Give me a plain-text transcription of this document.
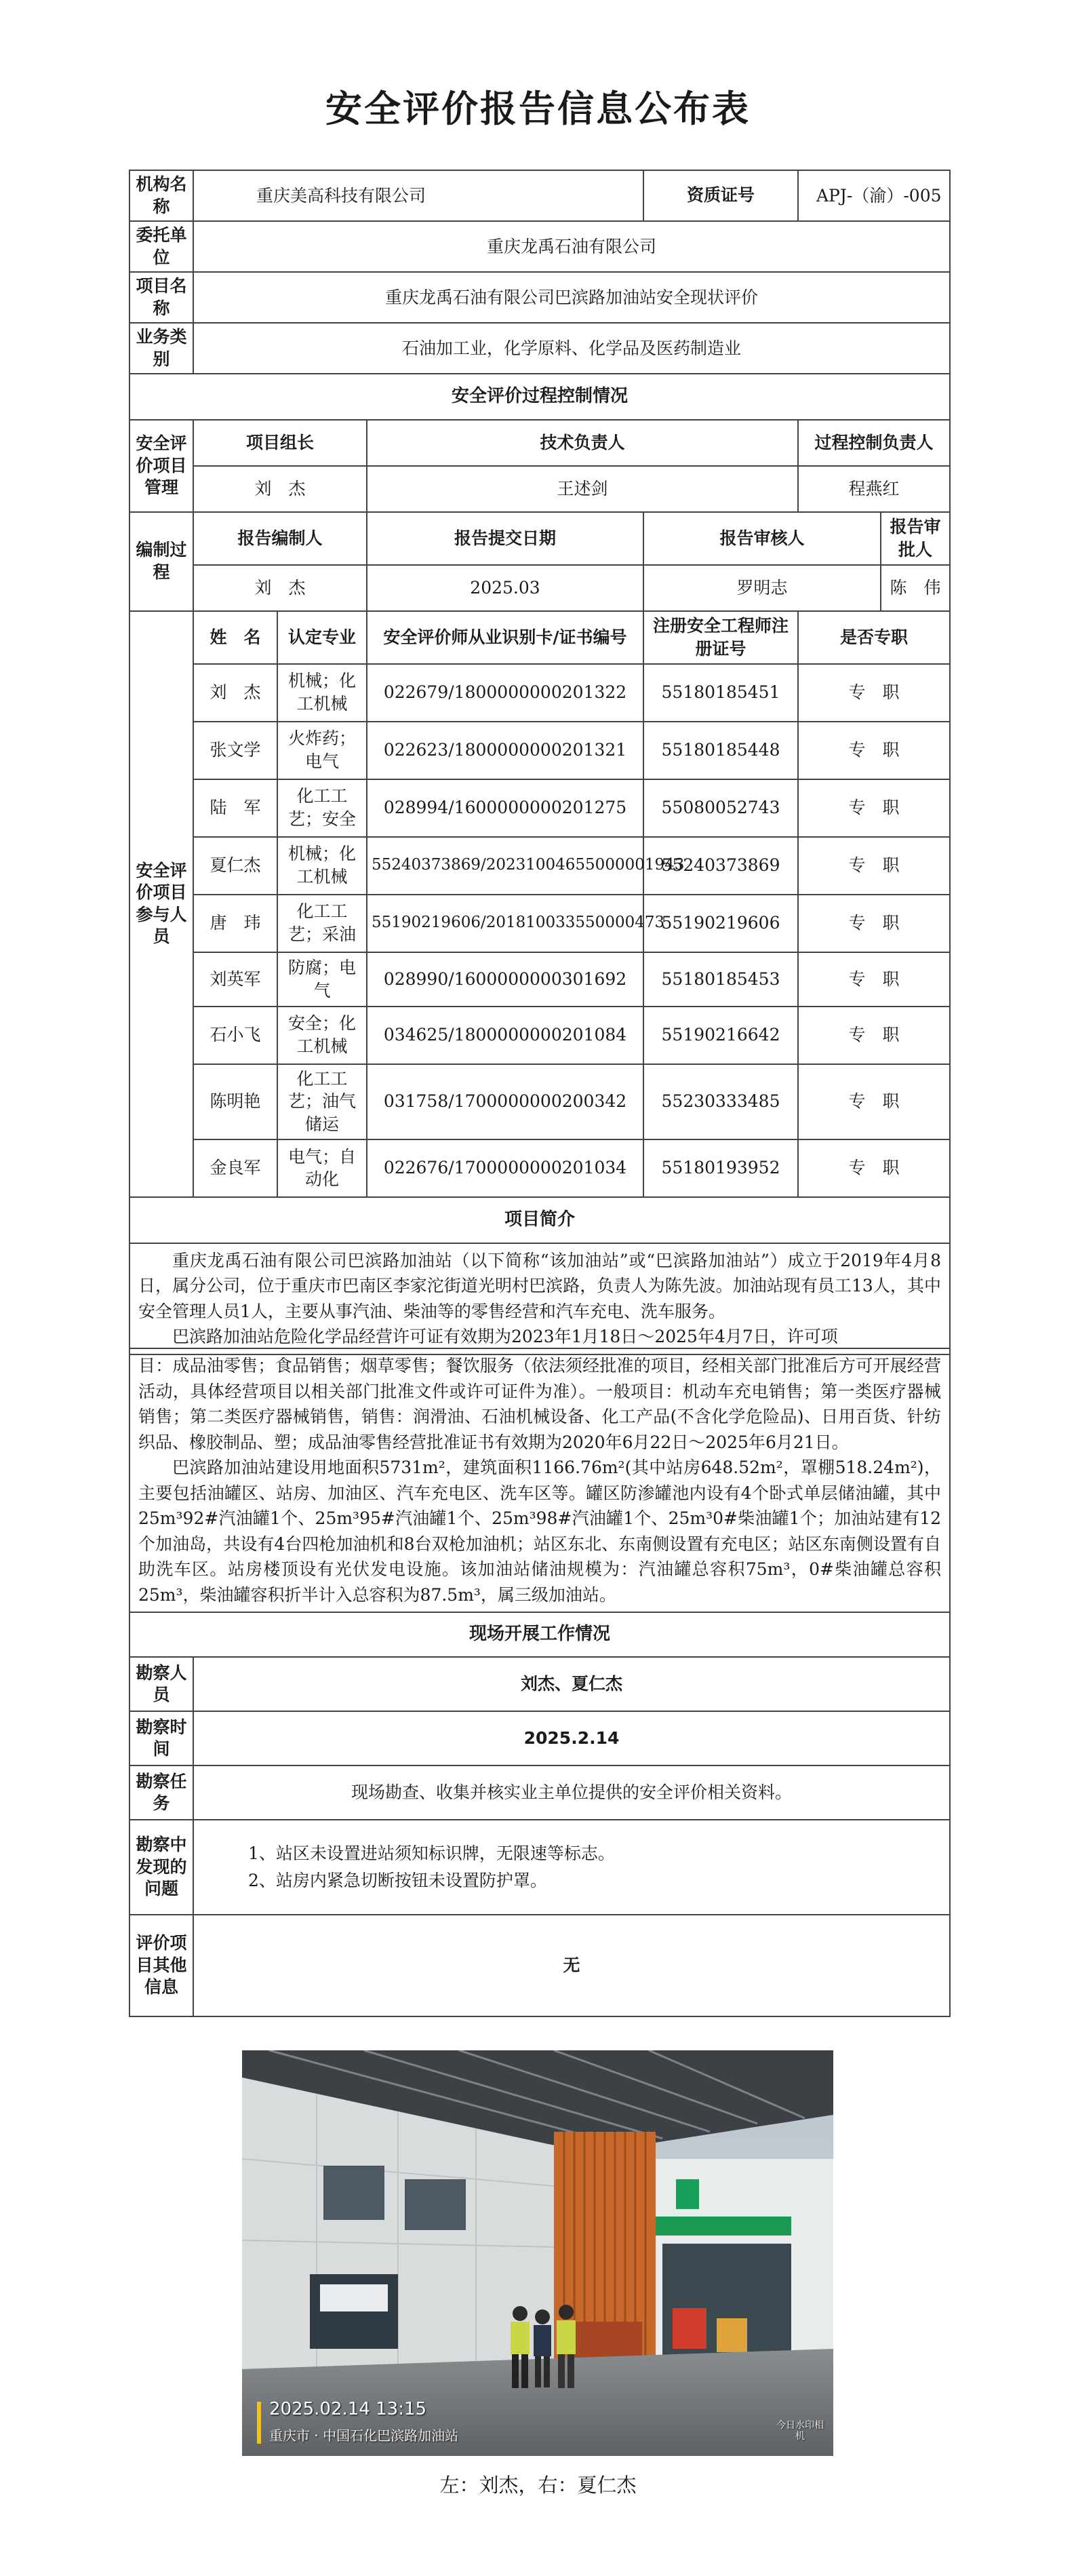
安全评价报告信息公布表
机构名称	重庆美高科技有限公司			资质证号	APJ-（渝）-005	
委托单位	重庆龙禹石油有限公司					
项目名称	重庆龙禹石油有限公司巴滨路加油站安全现状评价					
业务类别	石油加工业，化学原料、化学品及医药制造业					
安全评价过程控制情况						
安全评价项目管理	项目组长		技术负责人		过程控制负责人	
	刘　杰		王述剑		程燕红	
编制过程	报告编制人		报告提交日期	报告审核人		报告审批人
	刘　杰		2025.03	罗明志		陈　伟
安全评价项目参与人员	姓　名	认定专业	安全评价师从业识别卡/证书编号	注册安全工程师注册证号	是否专职	
	刘　杰	机械；化工机械	022679/1800000000201322	55180185451	专　职	
	张文学	火炸药；电气	022623/1800000000201321	55180185448	专　职	
	陆　军	化工工艺；安全	028994/1600000000201275	55080052743	专　职	
	夏仁杰	机械；化工机械	55240373869/20231004655000001943	55240373869	专　职	
	唐　玮	化工工艺；采油	55190219606/201810033550000473	55190219606	专　职	
	刘英军	防腐；电气	028990/1600000000301692	55180185453	专　职	
	石小飞	安全；化工机械	034625/1800000000201084	55190216642	专　职	
	陈明艳	化工工艺；油气储运	031758/1700000000200342	55230333485	专　职	
	金良军	电气；自动化	022676/1700000000201034	55180193952	专　职	
项目简介						

重庆龙禹石油有限公司巴滨路加油站（以下简称“该加油站”或“巴滨路加油站”）成立于2019年4月8日，属分公司，位于重庆市巴南区李家沱街道光明村巴滨路，负责人为陈先波。加油站现有员工13人，其中安全管理人员1人，主要从事汽油、柴油等的零售经营和汽车充电、洗车服务。

巴滨路加油站危险化学品经营许可证有效期为2023年1月18日～2025年4月7日，许可项						

目：成品油零售；食品销售；烟草零售；餐饮服务（依法须经批准的项目，经相关部门批准后方可开展经营活动，具体经营项目以相关部门批准文件或许可证件为准）。一般项目：机动车充电销售；第一类医疗器械销售；第二类医疗器械销售，销售：润滑油、石油机械设备、化工产品(不含化学危险品)、日用百货、针纺织品、橡胶制品、塑；成品油零售经营批准证书有效期为2020年6月22日～2025年6月21日。

巴滨路加油站建设用地面积5731m²，建筑面积1166.76m²(其中站房648.52m²，罩棚518.24m²)，主要包括油罐区、站房、加油区、汽车充电区、洗车区等。罐区防渗罐池内设有4个卧式单层储油罐，其中25m³92#汽油罐1个、25m³95#汽油罐1个、25m³98#汽油罐1个、25m³0#柴油罐1个；加油站建有12个加油岛，共设有4台四枪加油机和8台双枪加油机；站区东北、东南侧设置有充电区；站区东南侧设置有自助洗车区。站房楼顶设有光伏发电设施。该加油站储油规模为：汽油罐总容积75m³，0#柴油罐总容积25m³，柴油罐容积折半计入总容积为87.5m³，属三级加油站。	

现场开展工作情况	
勘察人员	刘杰、夏仁杰
勘察时间	2025.2.14
勘察任务	现场勘查、收集并核实业主单位提供的安全评价相关资料。
勘察中发现的问题	1、站区未设置进站须知标识牌，无限速等标志。
2、站房内紧急切断按钮未设置防护罩。

评价项目其他信息	无
2025.02.14 13:15
重庆市 · 中国石化巴滨路加油站
今日水印相机
左：刘杰，右：夏仁杰
